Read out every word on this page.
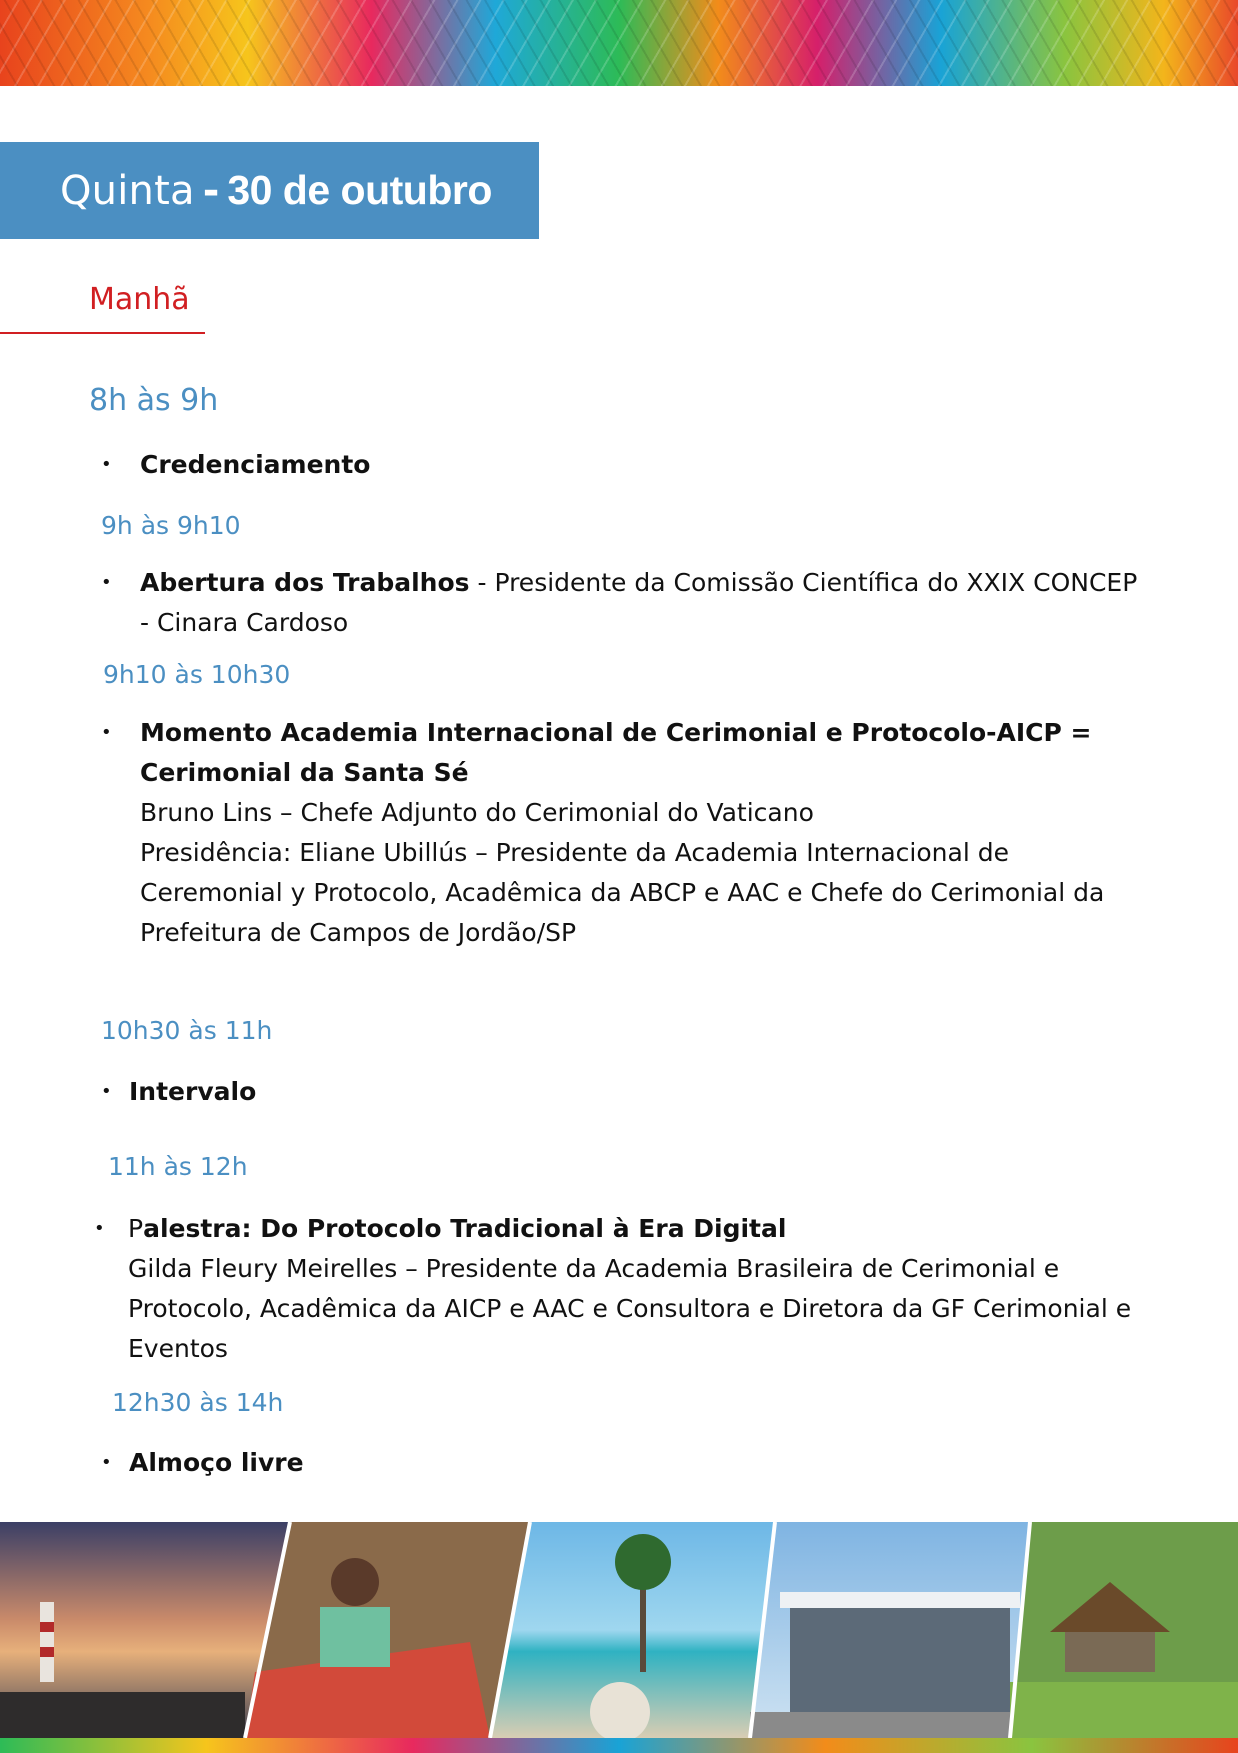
Quinta - 30 de outubro
Manhã
8h às 9h
• Credenciamento
9h às 9h10
• Abertura dos Trabalhos - Presidente da Comissão Científica do XXIX CONCEP
- Cinara Cardoso
9h10 às 10h30
• Momento Academia Internacional de Cerimonial e Protocolo-AICP =
Cerimonial da Santa Sé
Bruno Lins – Chefe Adjunto do Cerimonial do Vaticano
Presidência: Eliane Ubillús – Presidente da Academia Internacional de
Ceremonial y Protocolo, Acadêmica da ABCP e AAC e Chefe do Cerimonial da
Prefeitura de Campos de Jordão/SP
10h30 às 11h
• Intervalo
11h às 12h
• Palestra: Do Protocolo Tradicional à Era Digital
Gilda Fleury Meirelles – Presidente da Academia Brasileira de Cerimonial e
Protocolo, Acadêmica da AICP e AAC e Consultora e Diretora da GF Cerimonial e
Eventos
12h30 às 14h
• Almoço livre
